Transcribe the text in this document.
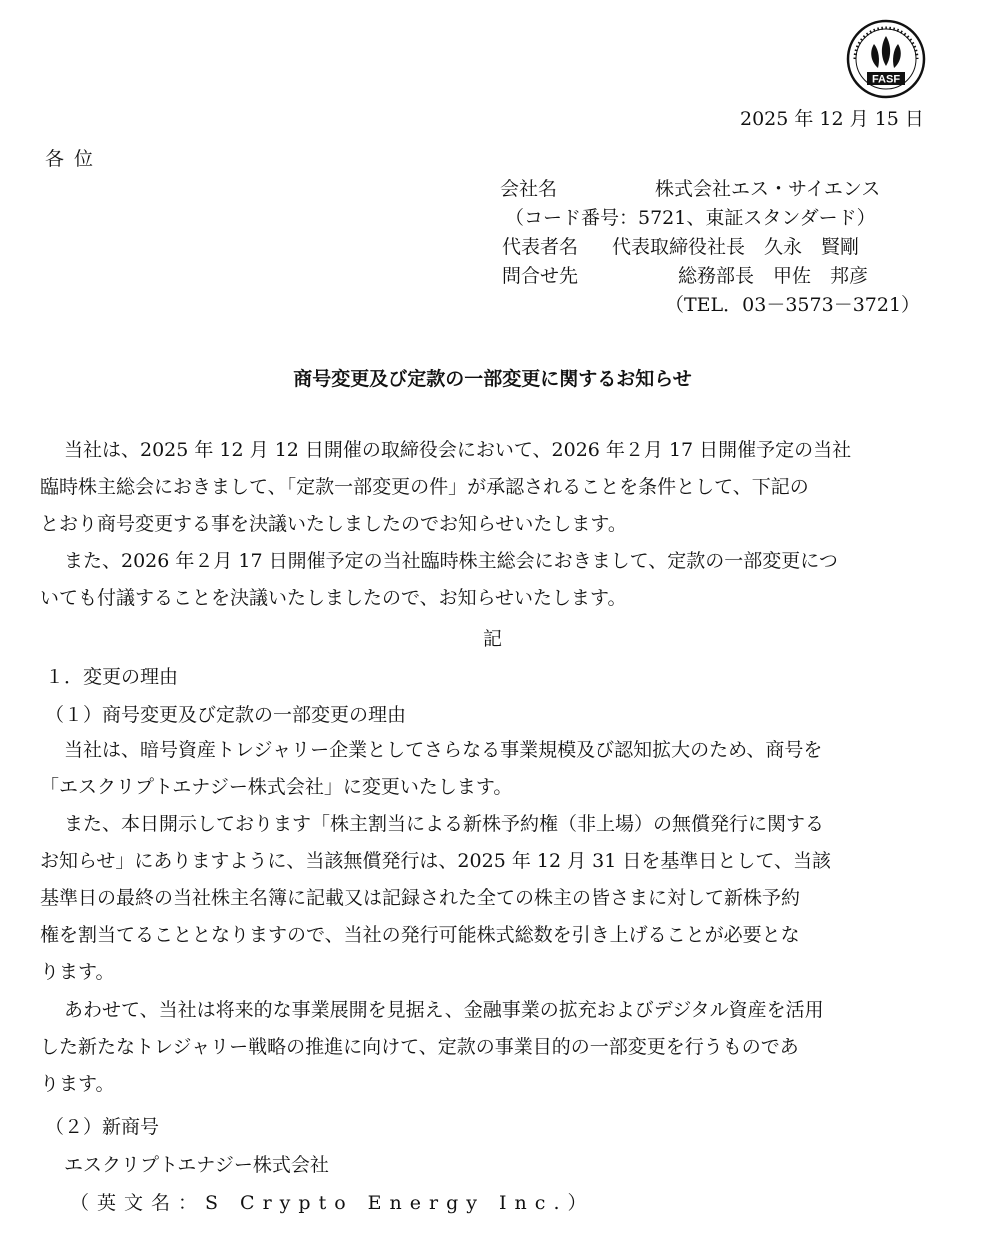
FASF
2025 年 12 月 15 日
各位
会社名	株式会社エス・サイエンス
（コード番号：5721、東証スタンダード）
代表者名 代表取締役社長　久永　賢剛
問合せ先	総務部長　甲佐　邦彦
（TEL．03－3573－3721）
商号変更及び定款の一部変更に関するお知らせ
当社は、2025 年 12 月 12 日開催の取締役会において、2026 年２月 17 日開催予定の当社
臨時株主総会におきまして、「定款一部変更の件」が承認されることを条件として、下記の
とおり商号変更する事を決議いたしましたのでお知らせいたします。
また、2026 年２月 17 日開催予定の当社臨時株主総会におきまして、定款の一部変更につ
いても付議することを決議いたしましたので、お知らせいたします。
記
１．変更の理由
（１）商号変更及び定款の一部変更の理由
当社は、暗号資産トレジャリー企業としてさらなる事業規模及び認知拡大のため、商号を
「エスクリプトエナジー株式会社」に変更いたします。
また、本日開示しております「株主割当による新株予約権（非上場）の無償発行に関する
お知らせ」にありますように、当該無償発行は、2025 年 12 月 31 日を基準日として、当該
基準日の最終の当社株主名簿に記載又は記録された全ての株主の皆さまに対して新株予約
権を割当てることとなりますので、当社の発行可能株式総数を引き上げることが必要とな
ります。
あわせて、当社は将来的な事業展開を見据え、金融事業の拡充およびデジタル資産を活用
した新たなトレジャリー戦略の推進に向けて、定款の事業目的の一部変更を行うものであ
ります。
（２）新商号
エスクリプトエナジー株式会社
（英文名：S Crypto Energy Inc.）
